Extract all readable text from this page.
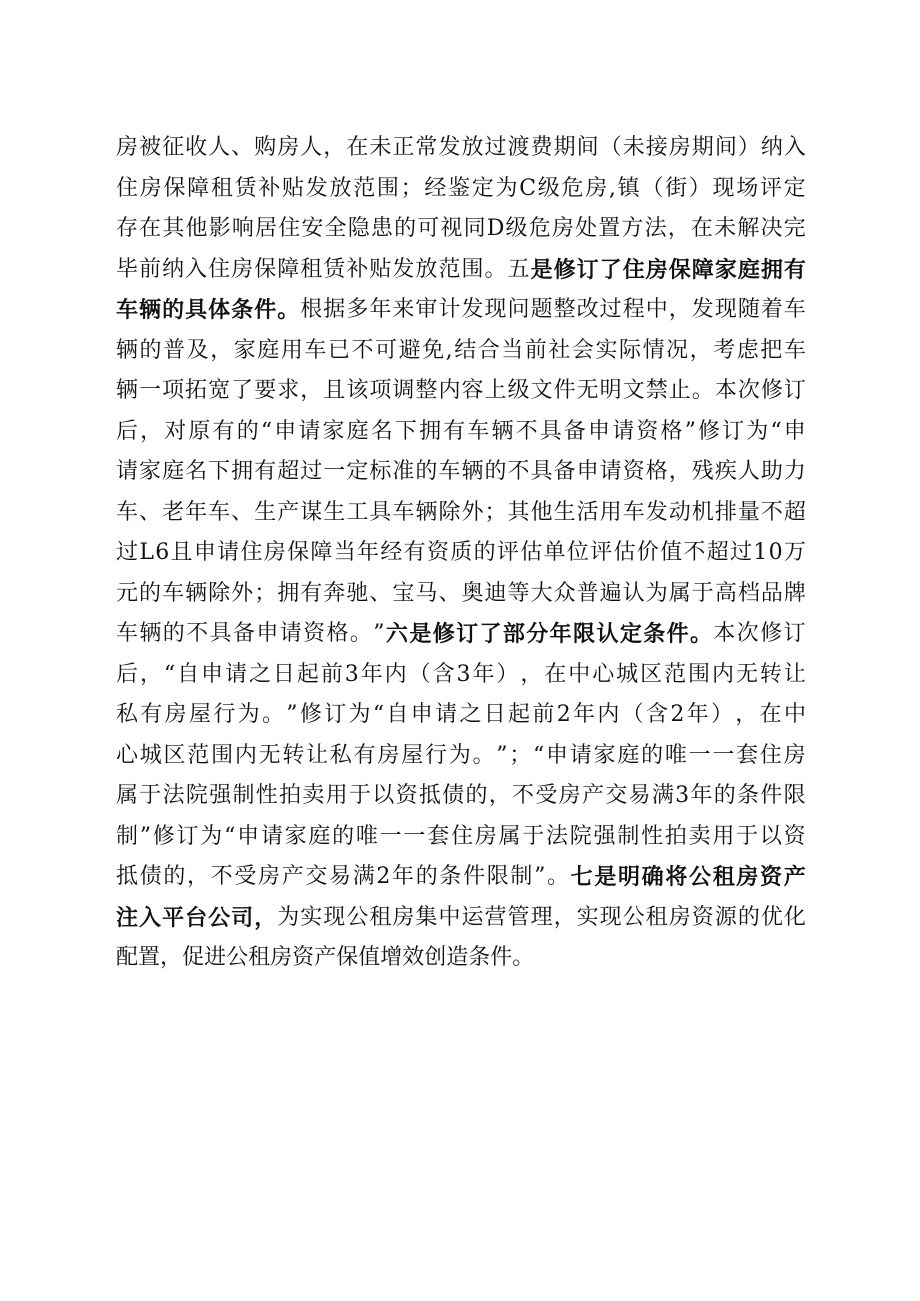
房 被 征 收 人 、 购 房 人 ， 在 未 正 常 发 放 过 渡 费 期 间 （ 未 接 房 期 间 ） 纳 入
住 房 保 障 租 赁 补 贴 发 放 范 围 ； 经 鉴 定 为 C 级 危 房 , 镇 （ 街 ） 现 场 评 定
存 在 其 他 影 响 居 住 安 全 隐 患 的 可 视 同 D 级 危 房 处 置 方 法 ， 在 未 解 决 完
毕 前 纳 入 住 房 保 障 租 赁 补 贴 发 放 范 围 。 五 是 修 订 了 住 房 保 障 家 庭 拥 有
车 辆 的 具 体 条 件 。 根 据 多 年 来 审 计 发 现 问 题 整 改 过 程 中 ， 发 现 随 着 车
辆 的 普 及 ， 家 庭 用 车 已 不 可 避 免 , 结 合 当 前 社 会 实 际 情 况 ， 考 虑 把 车
辆 一 项 拓 宽 了 要 求 ， 且 该 项 调 整 内 容 上 级 文 件 无 明 文 禁 止 。 本 次 修 订
后 ， 对 原 有 的 “ 申 请 家 庭 名 下 拥 有 车 辆 不 具 备 申 请 资 格 ” 修 订 为 “ 申
请 家 庭 名 下 拥 有 超 过 一 定 标 准 的 车 辆 的 不 具 备 申 请 资 格 ， 残 疾 人 助 力
车 、 老 年 车 、 生 产 谋 生 工 具 车 辆 除 外 ； 其 他 生 活 用 车 发 动 机 排 量 不 超
过 L 6 且 申 请 住 房 保 障 当 年 经 有 资 质 的 评 估 单 位 评 估 价 值 不 超 过 1 0 万
元 的 车 辆 除 外 ； 拥 有 奔 驰 、 宝 马 、 奥 迪 等 大 众 普 遍 认 为 属 于 高 档 品 牌
车 辆 的 不 具 备 申 请 资 格 。 ” 六 是 修 订 了 部 分 年 限 认 定 条 件 。 本 次 修 订
后 ， “ 自 申 请 之 日 起 前 3 年 内 （ 含 3 年 ） ， 在 中 心 城 区 范 围 内 无 转 让
私 有 房 屋 行 为 。 ” 修 订 为 “ 自 申 请 之 日 起 前 2 年 内 （ 含 2 年 ） ， 在 中
心 城 区 范 围 内 无 转 让 私 有 房 屋 行 为 。 ” ； “ 申 请 家 庭 的 唯 一 一 套 住 房
属 于 法 院 强 制 性 拍 卖 用 于 以 资 抵 债 的 ， 不 受 房 产 交 易 满 3 年 的 条 件 限
制 ” 修 订 为 “ 申 请 家 庭 的 唯 一 一 套 住 房 属 于 法 院 强 制 性 拍 卖 用 于 以 资
抵 债 的 ， 不 受 房 产 交 易 满 2 年 的 条 件 限 制 ” 。 七 是 明 确 将 公 租 房 资 产
注 入 平 台 公 司 ， 为 实 现 公 租 房 集 中 运 营 管 理 ， 实 现 公 租 房 资 源 的 优 化
配 置 ， 促 进 公 租 房 资 产 保 值 增 效 创 造 条 件 。
